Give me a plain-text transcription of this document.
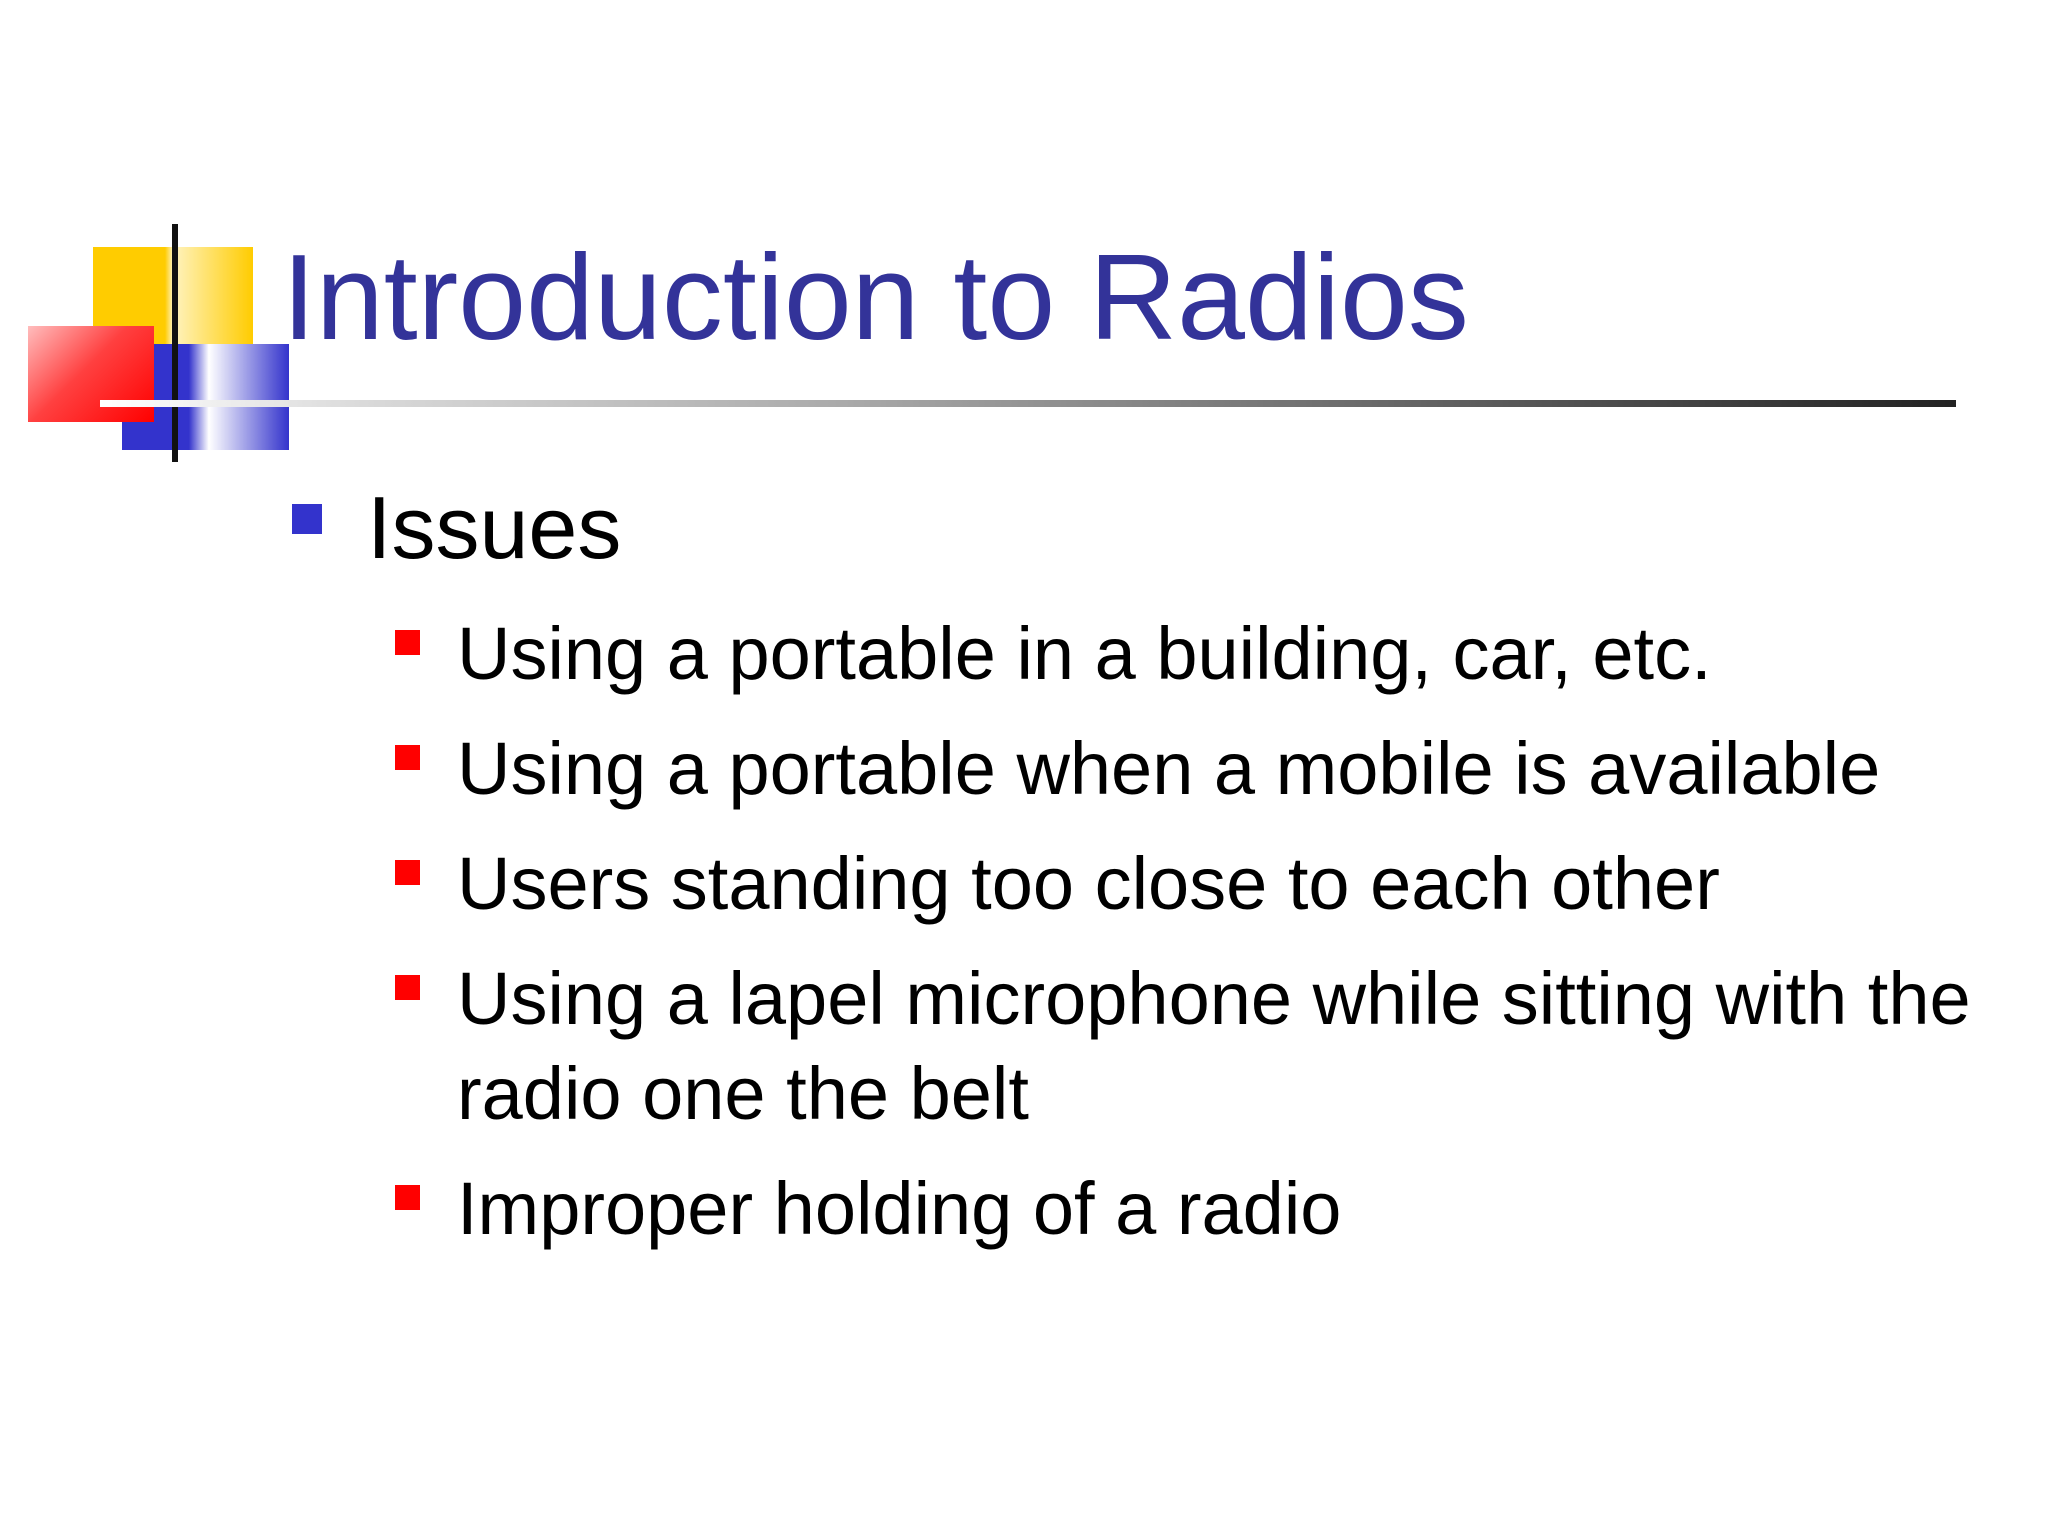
Introduction to Radios
Issues
Using a portable in a building, car, etc.
Using a portable when a mobile is available
Users standing too close to each other
Using a lapel microphone while sitting with the radio one the belt
Improper holding of a radio
